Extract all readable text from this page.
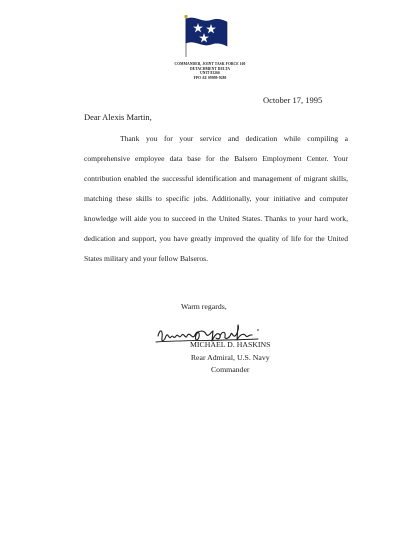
COMMANDER, JOINT TASK FORCE 160
DETACHMENT DELTA
UNIT 83266
FPO AE 09999-9280
October 17, 1995
Dear Alexis Martin,
Thank you for your service and dedication while compiling a comprehensive employee data base for the Balsero Employment Center. Your contribution enabled the successful identification and management of migrant skills, matching these skills to specific jobs. Additionally, your initiative and computer knowledge will aide you to succeed in the United States. Thanks to your hard work, dedication and support, you have greatly improved the quality of life for the United States military and your fellow Balseros.
Warm regards,
MICHAEL D. HASKINS
Rear Admiral, U.S. Navy
Commander
